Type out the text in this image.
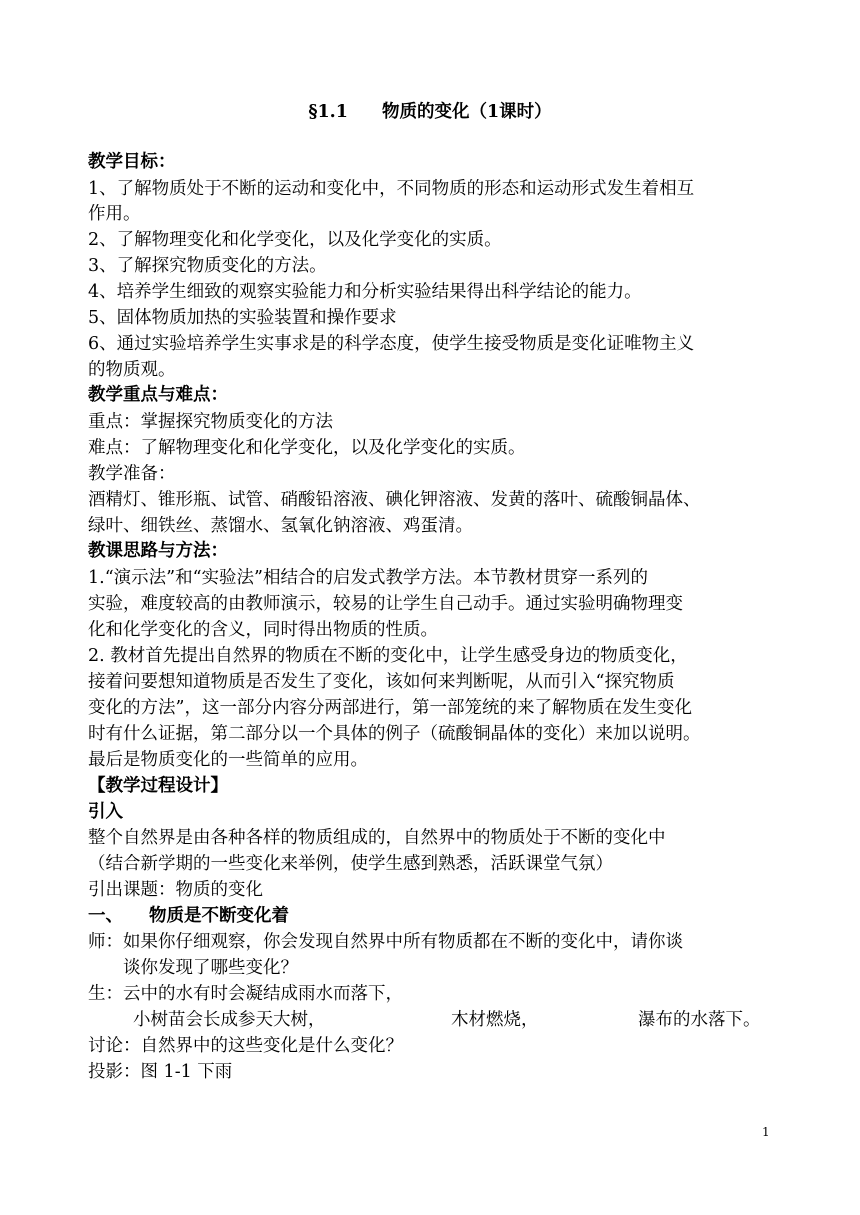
§1.1 物质的变化（1课时）
教学目标：
1、了解物质处于不断的运动和变化中，不同物质的形态和运动形式发生着相互
作用。
2、了解物理变化和化学变化，以及化学变化的实质。
3、了解探究物质变化的方法。
4、培养学生细致的观察实验能力和分析实验结果得出科学结论的能力。
5、固体物质加热的实验装置和操作要求
6、通过实验培养学生实事求是的科学态度，使学生接受物质是变化证唯物主义
的物质观。
教学重点与难点：
重点：掌握探究物质变化的方法
难点：了解物理变化和化学变化，以及化学变化的实质。
教学准备：
酒精灯、锥形瓶、试管、硝酸铅溶液、碘化钾溶液、发黄的落叶、硫酸铜晶体、
绿叶、细铁丝、蒸馏水、氢氧化钠溶液、鸡蛋清。
教课思路与方法：
1.“演示法”和“实验法”相结合的启发式教学方法。本节教材贯穿一系列的
实验，难度较高的由教师演示，较易的让学生自己动手。通过实验明确物理变
化和化学变化的含义，同时得出物质的性质。
2. 教材首先提出自然界的物质在不断的变化中，让学生感受身边的物质变化，
接着问要想知道物质是否发生了变化，该如何来判断呢，从而引入“探究物质
变化的方法”，这一部分内容分两部进行，第一部笼统的来了解物质在发生变化
时有什么证据，第二部分以一个具体的例子（硫酸铜晶体的变化）来加以说明。
最后是物质变化的一些简单的应用。
【教学过程设计】
引入
整个自然界是由各种各样的物质组成的，自然界中的物质处于不断的变化中
（结合新学期的一些变化来举例，使学生感到熟悉，活跃课堂气氛）
引出课题：物质的变化
一、 物质是不断变化着
师：如果你仔细观察，你会发现自然界中所有物质都在不断的变化中，请你谈
谈你发现了哪些变化？
生：云中的水有时会凝结成雨水而落下，
小树苗会长成参天大树，	木材燃烧，	瀑布的水落下。
讨论：自然界中的这些变化是什么变化？
投影：图 1-1 下雨
1
